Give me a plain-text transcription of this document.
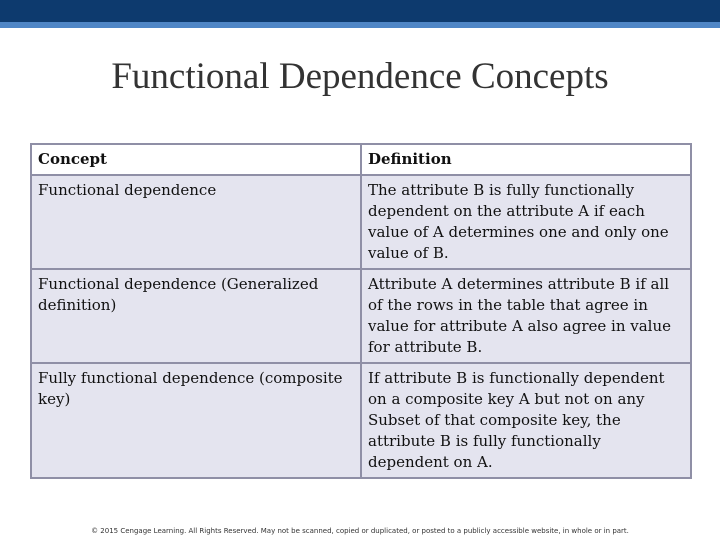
Functional Dependence Concepts
Concept	Definition
Functional dependence	The attribute B is fully functionally dependent on the attribute A if each value of A determines one and only one value of B.
Functional dependence (Generalized definition)	Attribute A determines attribute B if all of the rows in the table that agree in value for attribute A also agree in value for attribute B.
Fully functional dependence (composite key)	If attribute B is functionally dependent on a composite key A but not on any Subset of that composite key, the attribute B is fully functionally dependent on A.
© 2015 Cengage Learning. All Rights Reserved. May not be scanned, copied or duplicated, or posted to a publicly accessible website, in whole or in part.
